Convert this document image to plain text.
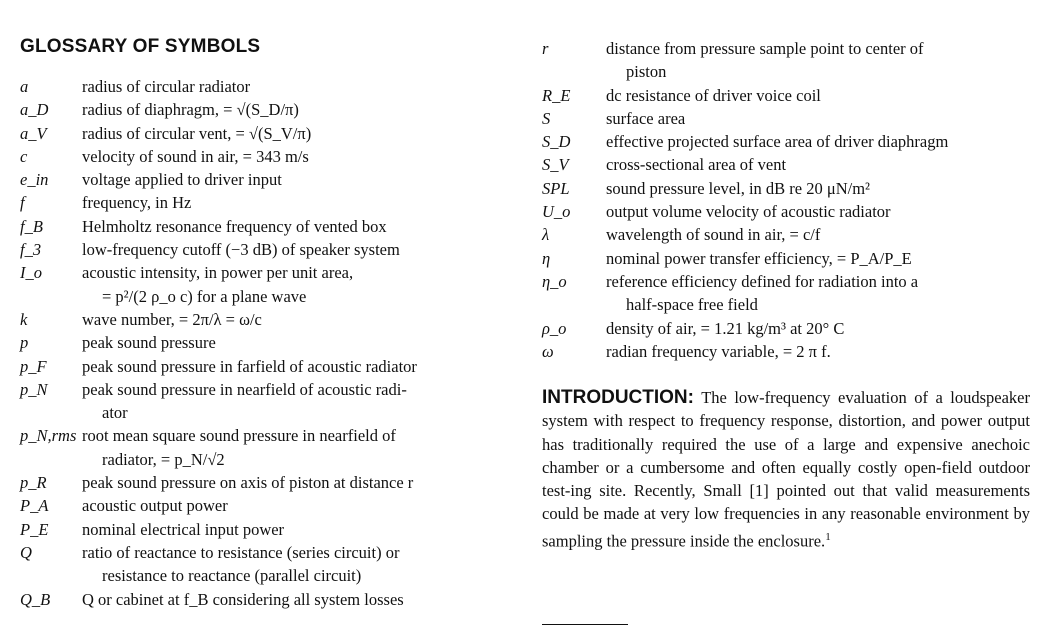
GLOSSARY OF SYMBOLS
a	radius of circular radiator
a_D	radius of diaphragm, = √(S_D/π)
a_V	radius of circular vent, = √(S_V/π)
c	velocity of sound in air, = 343 m/s
e_in	voltage applied to driver input
f	frequency, in Hz
f_B	Helmholtz resonance frequency of vented box
f_3	low-frequency cutoff (−3 dB) of speaker system
I_o	acoustic intensity, in power per unit area,
= p²/(2 ρ_o c) for a plane wave
k	wave number, = 2π/λ = ω/c
p	peak sound pressure
p_F	peak sound pressure in farfield of acoustic radiator
p_N	peak sound pressure in nearfield of acoustic radi-
ator
p_N,rms root mean square sound pressure in nearfield of
radiator, = p_N/√2
p_R	peak sound pressure on axis of piston at distance r
P_A	acoustic output power
P_E	nominal electrical input power
Q	ratio of reactance to resistance (series circuit) or
resistance to reactance (parallel circuit)
Q_B	Q or cabinet at f_B considering all system losses
r	distance from pressure sample point to center of
piston
R_E	dc resistance of driver voice coil
S	surface area
S_D	effective projected surface area of driver diaphragm
S_V	cross-sectional area of vent
SPL	sound pressure level, in dB re 20 μN/m²
U_o	output volume velocity of acoustic radiator
λ	wavelength of sound in air, = c/f
η	nominal power transfer efficiency, = P_A/P_E
η_o	reference efficiency defined for radiation into a
half-space free field
ρ_o	density of air, = 1.21 kg/m³ at 20° C
ω	radian frequency variable, = 2 π f.
INTRODUCTION: The low-frequency evaluation of a loudspeaker system with respect to frequency response, distortion, and power output has traditionally required the use of a large and expensive anechoic chamber or a cumbersome and often equally costly open-field outdoor test-ing site. Recently, Small [1] pointed out that valid measurements could be made at very low frequencies in any reasonable environment by sampling the pressure inside the enclosure.$^1$
